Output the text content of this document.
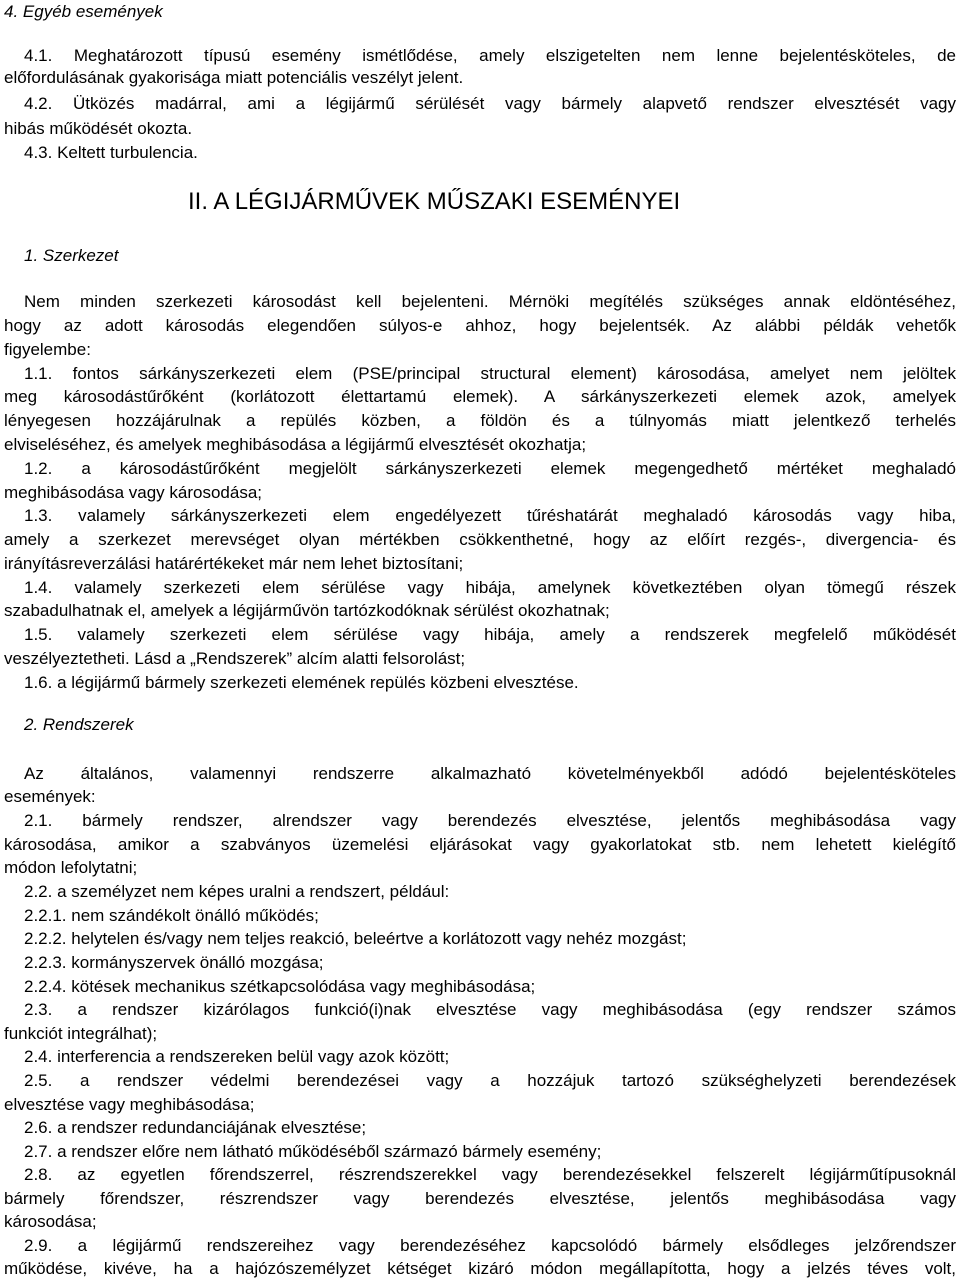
4. Egyéb események
4.1. Meghatározott típusú esemény ismétlődése, amely elszigetelten nem lenne bejelentésköteles, de
előfordulásának gyakorisága miatt potenciális veszélyt jelent.
4.2. Ütközés madárral, ami a légijármű sérülését vagy bármely alapvető rendszer elvesztését vagy
hibás működését okozta.
4.3. Keltett turbulencia.
II. A LÉGIJÁRMŰVEK MŰSZAKI ESEMÉNYEI
1. Szerkezet
Nem minden szerkezeti károsodást kell bejelenteni. Mérnöki megítélés szükséges annak eldöntéséhez,
hogy az adott károsodás elegendően súlyos-e ahhoz, hogy bejelentsék. Az alábbi példák vehetők
figyelembe:
1.1. fontos sárkányszerkezeti elem (PSE/principal structural element) károsodása, amelyet nem jelöltek
meg károsodástűrőként (korlátozott élettartamú elemek). A sárkányszerkezeti elemek azok, amelyek
lényegesen hozzájárulnak a repülés közben, a földön és a túlnyomás miatt jelentkező terhelés
elviseléséhez, és amelyek meghibásodása a légijármű elvesztését okozhatja;
1.2. a károsodástűrőként megjelölt sárkányszerkezeti elemek megengedhető mértéket meghaladó
meghibásodása vagy károsodása;
1.3. valamely sárkányszerkezeti elem engedélyezett tűréshatárát meghaladó károsodás vagy hiba,
amely a szerkezet merevséget olyan mértékben csökkenthetné, hogy az előírt rezgés-, divergencia- és
irányításreverzálási határértékeket már nem lehet biztosítani;
1.4. valamely szerkezeti elem sérülése vagy hibája, amelynek következtében olyan tömegű részek
szabadulhatnak el, amelyek a légijárművön tartózkodóknak sérülést okozhatnak;
1.5. valamely szerkezeti elem sérülése vagy hibája, amely a rendszerek megfelelő működését
veszélyeztetheti. Lásd a „Rendszerek” alcím alatti felsorolást;
1.6. a légijármű bármely szerkezeti elemének repülés közbeni elvesztése.
2. Rendszerek
Az általános, valamennyi rendszerre alkalmazható követelményekből adódó bejelentésköteles
események:
2.1. bármely rendszer, alrendszer vagy berendezés elvesztése, jelentős meghibásodása vagy
károsodása, amikor a szabványos üzemelési eljárásokat vagy gyakorlatokat stb. nem lehetett kielégítő
módon lefolytatni;
2.2. a személyzet nem képes uralni a rendszert, például:
2.2.1. nem szándékolt önálló működés;
2.2.2. helytelen és/vagy nem teljes reakció, beleértve a korlátozott vagy nehéz mozgást;
2.2.3. kormányszervek önálló mozgása;
2.2.4. kötések mechanikus szétkapcsolódása vagy meghibásodása;
2.3. a rendszer kizárólagos funkció(i)nak elvesztése vagy meghibásodása (egy rendszer számos
funkciót integrálhat);
2.4. interferencia a rendszereken belül vagy azok között;
2.5. a rendszer védelmi berendezései vagy a hozzájuk tartozó szükséghelyzeti berendezések
elvesztése vagy meghibásodása;
2.6. a rendszer redundanciájának elvesztése;
2.7. a rendszer előre nem látható működéséből származó bármely esemény;
2.8. az egyetlen főrendszerrel, részrendszerekkel vagy berendezésekkel felszerelt légijárműtípusoknál
bármely főrendszer, részrendszer vagy berendezés elvesztése, jelentős meghibásodása vagy
károsodása;
2.9. a légijármű rendszereihez vagy berendezéséhez kapcsolódó bármely elsődleges jelzőrendszer
működése, kivéve, ha a hajózószemélyzet kétséget kizáró módon megállapította, hogy a jelzés téves volt,
